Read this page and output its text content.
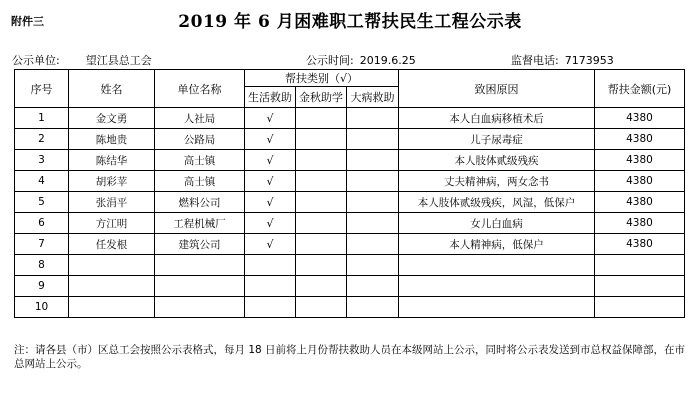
附件三	2019 年 6 月困难职工帮扶民生工程公示表
公示单位: 望江县总工会	公示时间: 2019.6.25	监督电话: 7173953
序号	姓名	单位名称	帮扶类别（√）			致困原因	帮扶金额(元)
			生活救助	金秋助学	大病救助		
1	金文勇	人社局	√			本人白血病移植术后	4380
2	陈地贵	公路局	√			儿子尿毒症	4380
3	陈结华	高士镇	√			本人肢体贰级残疾	4380
4	胡彩苹	高士镇	√			丈夫精神病，两女念书	4380
5	张涓平	燃料公司	√			本人肢体贰级残疾，风湿，低保户	4380
6	方江明	工程机械厂	√			女儿白血病	4380
7	任发根	建筑公司	√			本人精神病，低保户	4380
8							
9							
10							
注：请各县（市）区总工会按照公示表格式，每月 18 日前将上月份帮扶救助人员在本级网站上公示，同时将公示表发送到市总权益保障部，在市总网站上公示。
